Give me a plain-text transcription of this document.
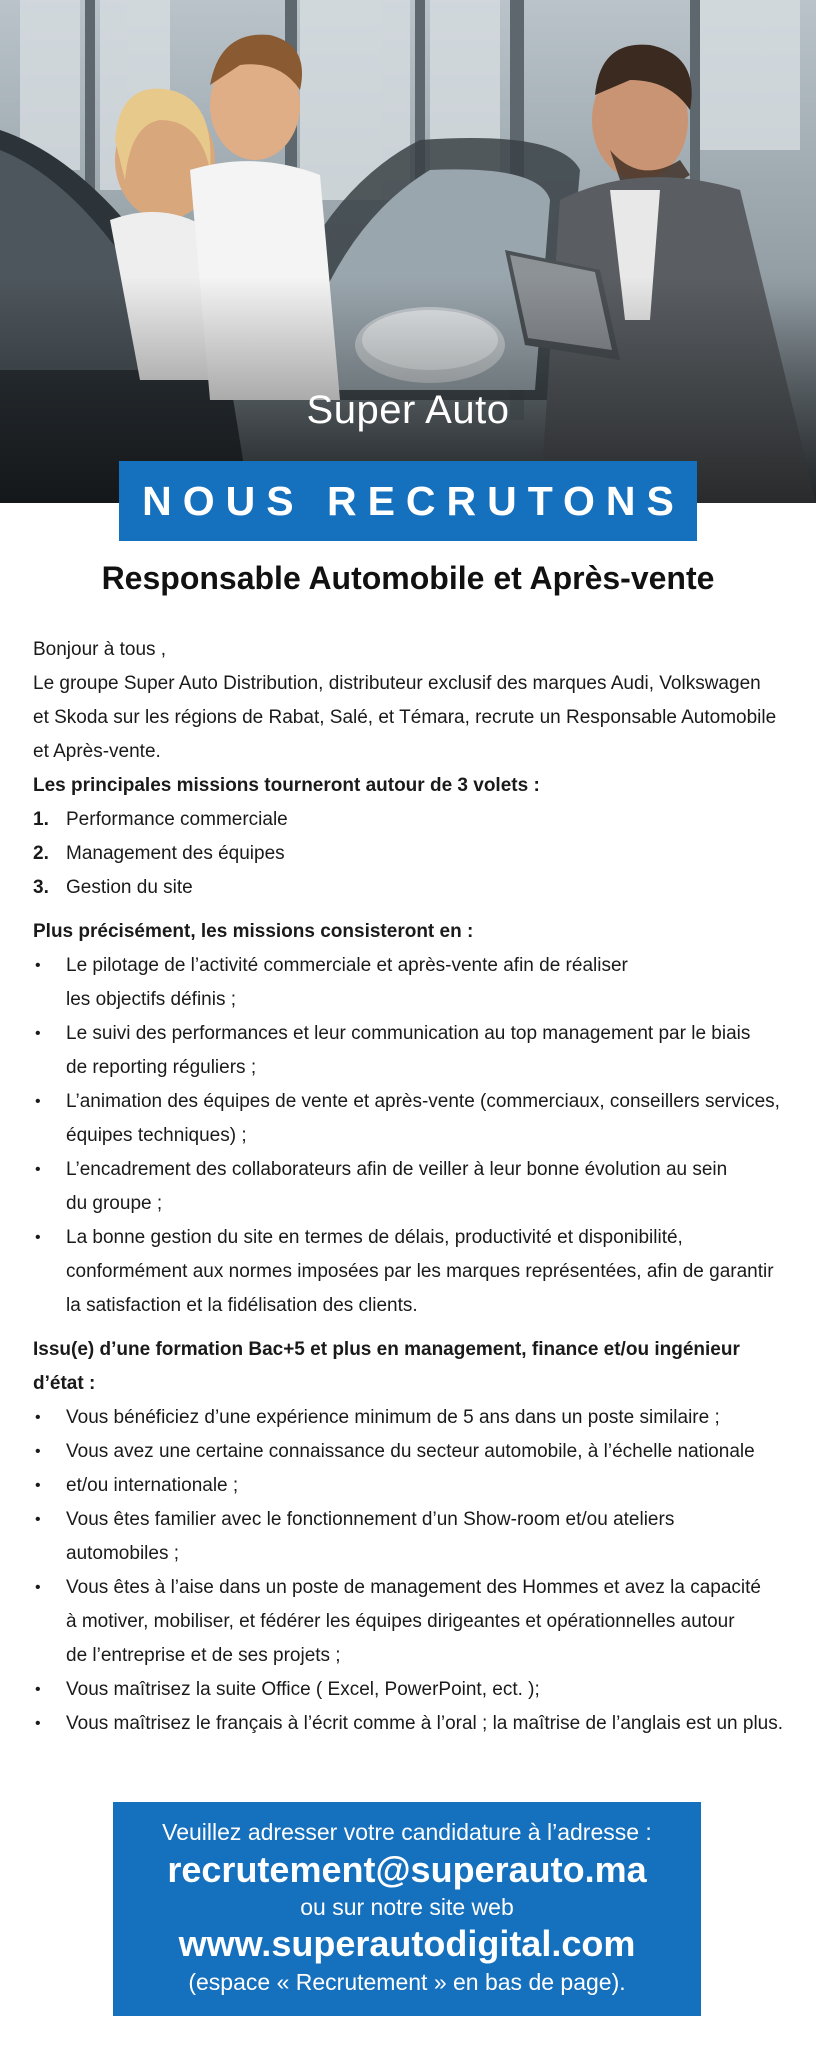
Super Auto
NOUS RECRUTONS
Responsable Automobile et Après-vente

Bonjour à tous ,

Le groupe Super Auto Distribution, distributeur exclusif des marques Audi, Volkswagen
et Skoda sur les régions de Rabat, Salé, et Témara, recrute un Responsable Automobile
et Après-vente.

Les principales missions tourneront autour de 3 volets :

1. Performance commerciale
2. Management des équipes
3. Gestion du site

Plus précisément, les missions consisteront en :

• Le pilotage de l’activité commerciale et après-vente afin de réaliser
les objectifs définis ;
• Le suivi des performances et leur communication au top management par le biais
de reporting réguliers ;
• L’animation des équipes de vente et après-vente (commerciaux, conseillers services,
équipes techniques) ;
• L’encadrement des collaborateurs afin de veiller à leur bonne évolution au sein
du groupe ;
• La bonne gestion du site en termes de délais, productivité et disponibilité,
conformément aux normes imposées par les marques représentées, afin de garantir
la satisfaction et la fidélisation des clients.

Issu(e) d’une formation Bac+5 et plus en management, finance et/ou ingénieur
d’état :

• Vous bénéficiez d’une expérience minimum de 5 ans dans un poste similaire ;
• Vous avez une certaine connaissance du secteur automobile, à l’échelle nationale
• et/ou internationale ;
• Vous êtes familier avec le fonctionnement d’un Show-room et/ou ateliers
automobiles ;
• Vous êtes à l’aise dans un poste de management des Hommes et avez la capacité
à motiver, mobiliser, et fédérer les équipes dirigeantes et opérationnelles autour
de l’entreprise et de ses projets ;
• Vous maîtrisez la suite Office ( Excel, PowerPoint, ect. );
• Vous maîtrisez le français à l’écrit comme à l’oral ; la maîtrise de l’anglais est un plus.
Veuillez adresser votre candidature à l’adresse :
recrutement@superauto.ma
ou sur notre site web
www.superautodigital.com
(espace « Recrutement » en bas de page).
